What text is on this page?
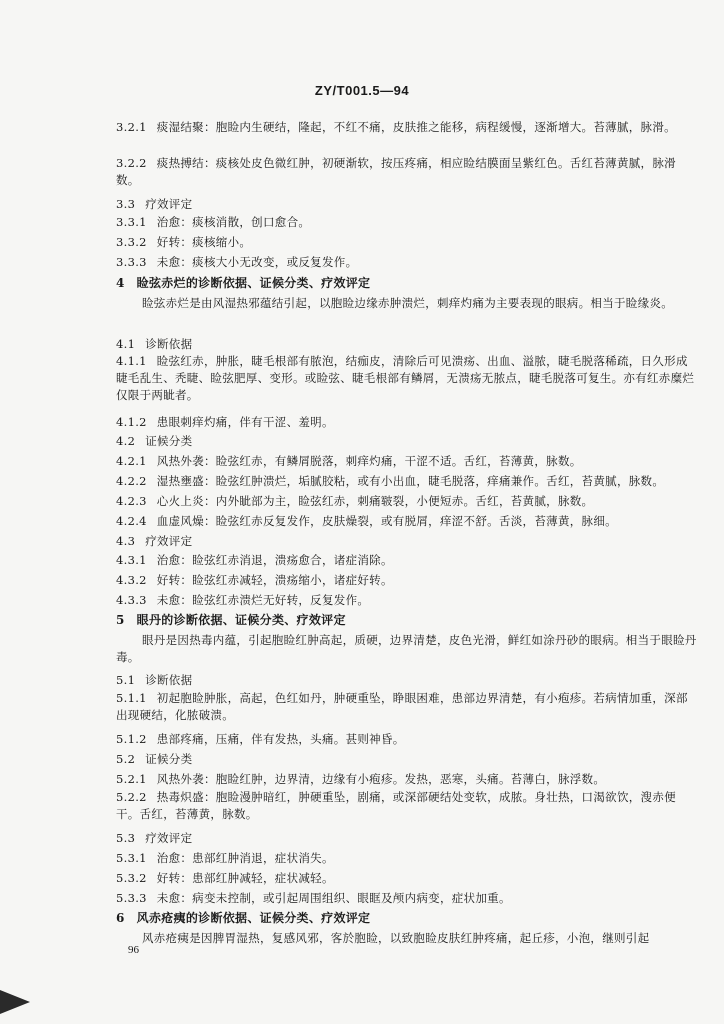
ZY/T001.5—94
3.2.1 痰湿结聚：胞睑内生硬结，隆起，不红不痛，皮肤推之能移，病程缓慢，逐渐增大。苔薄腻，脉滑。
3.2.2 痰热搏结：痰核处皮色微红肿，初硬渐软，按压疼痛，相应睑结膜面呈紫红色。舌红苔薄黄腻，脉滑数。
3.3 疗效评定
3.3.1 治愈：痰核消散，创口愈合。
3.3.2 好转：痰核缩小。
3.3.3 未愈：痰核大小无改变，或反复发作。
4 睑弦赤烂的诊断依据、证候分类、疗效评定
睑弦赤烂是由风湿热邪蕴结引起，以胞睑边缘赤肿溃烂，刺痒灼痛为主要表现的眼病。相当于睑缘炎。
4.1 诊断依据
4.1.1 睑弦红赤，肿胀，睫毛根部有脓泡，结痂皮，清除后可见溃疡、出血、溢脓，睫毛脱落稀疏，日久形成睫毛乱生、秃睫、睑弦肥厚、变形。或睑弦、睫毛根部有鳞屑，无溃疡无脓点，睫毛脱落可复生。亦有红赤糜烂仅限于两眦者。
4.1.2 患眼刺痒灼痛，伴有干涩、羞明。
4.2 证候分类
4.2.1 风热外袭：睑弦红赤，有鳞屑脱落，刺痒灼痛，干涩不适。舌红，苔薄黄，脉数。
4.2.2 湿热壅盛：睑弦红肿溃烂，垢腻胶粘，或有小出血，睫毛脱落，痒痛兼作。舌红，苔黄腻，脉数。
4.2.3 心火上炎：内外眦部为主，睑弦红赤，刺痛皲裂，小便短赤。舌红，苔黄腻，脉数。
4.2.4 血虚风燥：睑弦红赤反复发作，皮肤燥裂，或有脱屑，痒涩不舒。舌淡，苔薄黄，脉细。
4.3 疗效评定
4.3.1 治愈：睑弦红赤消退，溃疡愈合，诸症消除。
4.3.2 好转：睑弦红赤减轻，溃疡缩小，诸症好转。
4.3.3 未愈：睑弦红赤溃烂无好转，反复发作。
5 眼丹的诊断依据、证候分类、疗效评定
眼丹是因热毒内蕴，引起胞睑红肿高起，质硬，边界清楚，皮色光滑，鲜红如涂丹砂的眼病。相当于眼睑丹毒。
5.1 诊断依据
5.1.1 初起胞睑肿胀，高起，色红如丹，肿硬重坠，睁眼困难，患部边界清楚，有小疱疹。若病情加重，深部出现硬结，化脓破溃。
5.1.2 患部疼痛，压痛，伴有发热，头痛。甚则神昏。
5.2 证候分类
5.2.1 风热外袭：胞睑红肿，边界清，边缘有小疱疹。发热，恶寒，头痛。苔薄白，脉浮数。
5.2.2 热毒炽盛：胞睑漫肿暗红，肿硬重坠，剧痛，或深部硬结处变软，成脓。身壮热，口渴欲饮，溲赤便干。舌红，苔薄黄，脉数。
5.3 疗效评定
5.3.1 治愈：患部红肿消退，症状消失。
5.3.2 好转：患部红肿减轻，症状减轻。
5.3.3 未愈：病变未控制，或引起周围组织、眼眶及颅内病变，症状加重。
6 风赤疮痍的诊断依据、证候分类、疗效评定
风赤疮痍是因脾胃湿热，复感风邪，客於胞睑，以致胞睑皮肤红肿疼痛，起丘疹，小泡，继则引起
96
